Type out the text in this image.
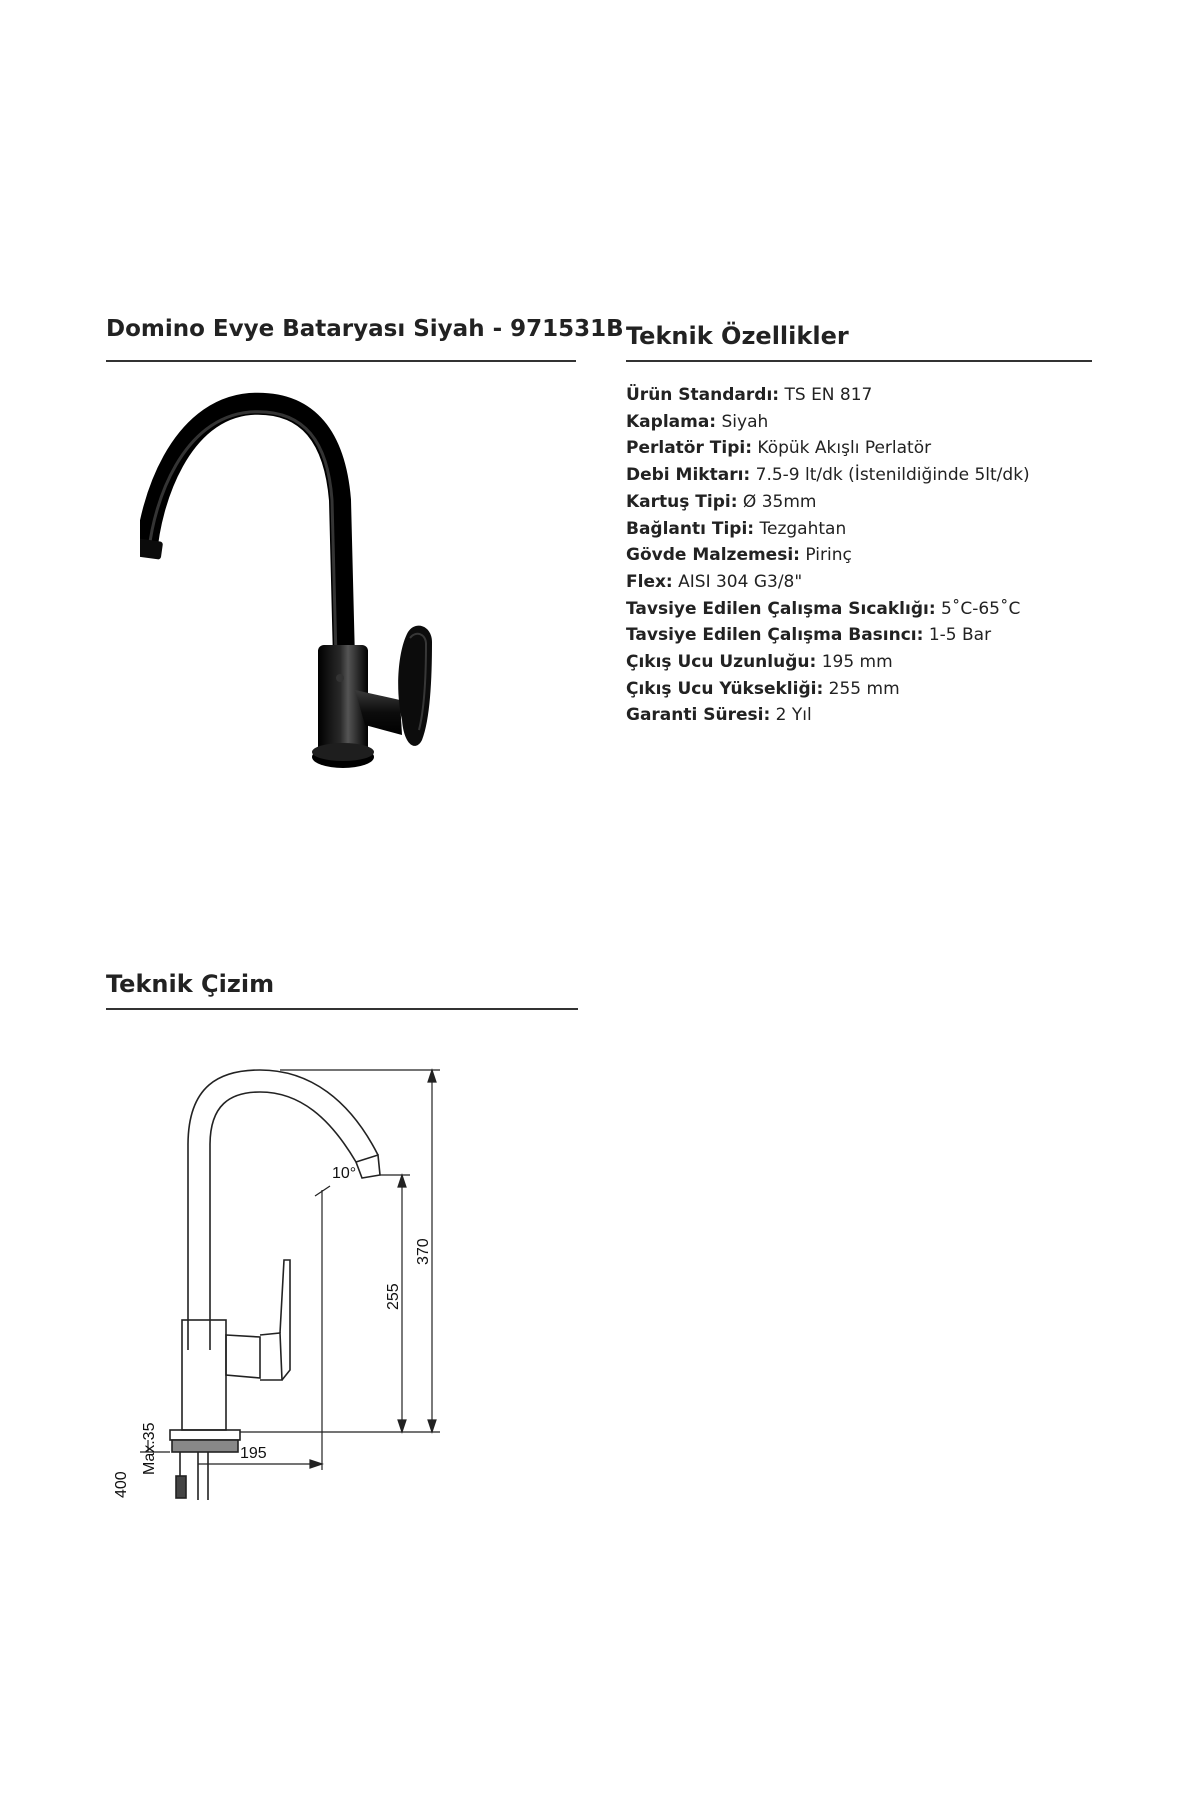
Domino Evye Bataryası Siyah - 971531B Teknik Özellikler
Ürün Standardı: TS EN 817
Kaplama: Siyah
Perlatör Tipi: Köpük Akışlı Perlatör
Debi Miktarı: 7.5-9 lt/dk (İstenildiğinde 5lt/dk)
Kartuş Tipi: Ø 35mm
Bağlantı Tipi: Tezgahtan
Gövde Malzemesi: Pirinç
Flex: AISI 304 G3/8"
Tavsiye Edilen Çalışma Sıcaklığı: 5˚C-65˚C
Tavsiye Edilen Çalışma Basıncı: 1-5 Bar
Çıkış Ucu Uzunluğu: 195 mm
Çıkış Ucu Yüksekliği: 255 mm
Garanti Süresi: 2 Yıl
Teknik Çizim
370
255
195
10°
Max.35
400
